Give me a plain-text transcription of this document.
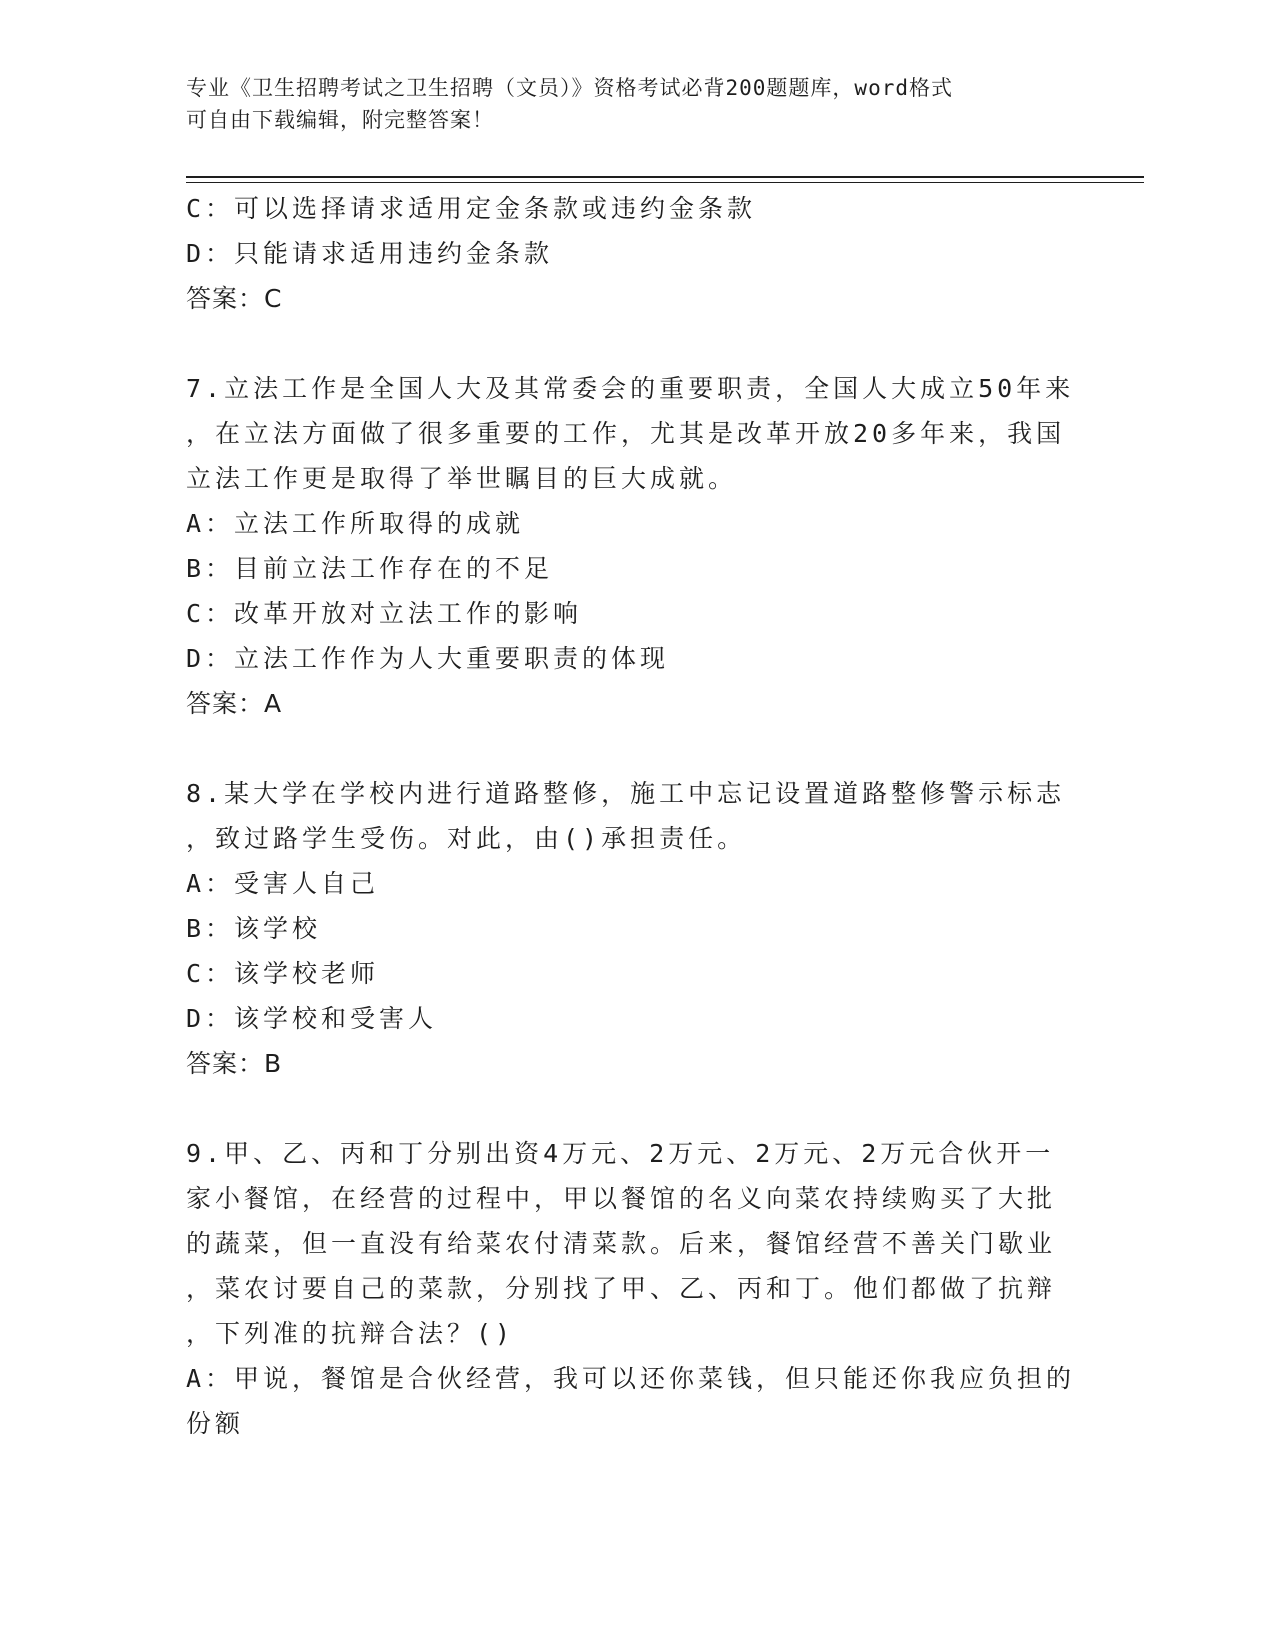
专业《卫生招聘考试之卫生招聘（文员）》资格考试必背200题题库，word格式
可自由下载编辑，附完整答案！
C：可以选择请求适用定金条款或违约金条款
D：只能请求适用违约金条款
答案：C
7.立法工作是全国人大及其常委会的重要职责，全国人大成立50年来
，在立法方面做了很多重要的工作，尤其是改革开放20多年来，我国
立法工作更是取得了举世瞩目的巨大成就。
A：立法工作所取得的成就
B：目前立法工作存在的不足
C：改革开放对立法工作的影响
D：立法工作作为人大重要职责的体现
答案：A
8.某大学在学校内进行道路整修，施工中忘记设置道路整修警示标志
，致过路学生受伤。对此，由()承担责任。
A：受害人自己
B：该学校
C：该学校老师
D：该学校和受害人
答案：B
9.甲、乙、丙和丁分别出资4万元、2万元、2万元、2万元合伙开一
家小餐馆，在经营的过程中，甲以餐馆的名义向菜农持续购买了大批
的蔬菜，但一直没有给菜农付清菜款。后来，餐馆经营不善关门歇业
，菜农讨要自己的菜款，分别找了甲、乙、丙和丁。他们都做了抗辩
，下列准的抗辩合法？()
A：甲说，餐馆是合伙经营，我可以还你菜钱，但只能还你我应负担的
份额
